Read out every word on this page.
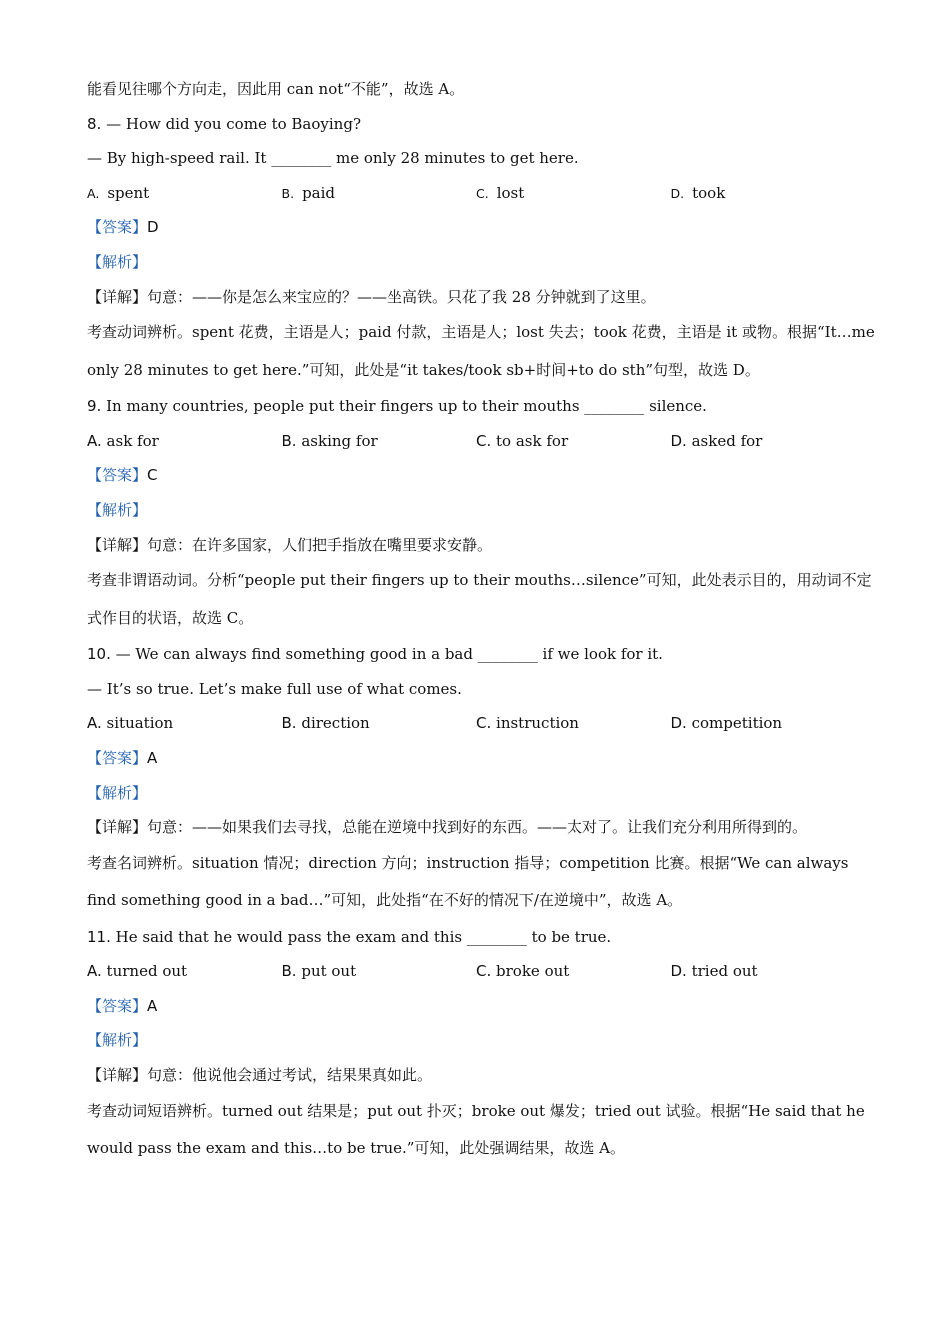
能看见往哪个方向走，因此用 can not“不能”，故选 A。
8. — How did you come to Baoying?
— By high-speed rail. It ________ me only 28 minutes to get here.
A. spent	B. paid	C. lost	D. took
【答案】D
【解析】
【详解】句意：——你是怎么来宝应的？——坐高铁。只花了我 28 分钟就到了这里。
考查动词辨析。spent 花费，主语是人；paid 付款，主语是人；lost 失去；took 花费，主语是 it 或物。根据“It…me only 28 minutes to get here.”可知，此处是“it takes/took sb+时间+to do sth”句型，故选 D。
9. In many countries, people put their fingers up to their mouths ________ silence.
A. ask for	B. asking for	C. to ask for	D. asked for
【答案】C
【解析】
【详解】句意：在许多国家，人们把手指放在嘴里要求安静。
考查非谓语动词。分析“people put their fingers up to their mouths…silence”可知，此处表示目的，用动词不定式作目的状语，故选 C。
10. — We can always find something good in a bad ________ if we look for it.
— It’s so true. Let’s make full use of what comes.
A. situation	B. direction	C. instruction	D. competition
【答案】A
【解析】
【详解】句意：——如果我们去寻找，总能在逆境中找到好的东西。——太对了。让我们充分利用所得到的。
考查名词辨析。situation 情况；direction 方向；instruction 指导；competition 比赛。根据“We can always find something good in a bad…”可知，此处指“在不好的情况下/在逆境中”，故选 A。
11. He said that he would pass the exam and this ________ to be true.
A. turned out	B. put out	C. broke out	D. tried out
【答案】A
【解析】
【详解】句意：他说他会通过考试，结果果真如此。
考查动词短语辨析。turned out 结果是；put out 扑灭；broke out 爆发；tried out 试验。根据“He said that he would pass the exam and this…to be true.”可知，此处强调结果，故选 A。
